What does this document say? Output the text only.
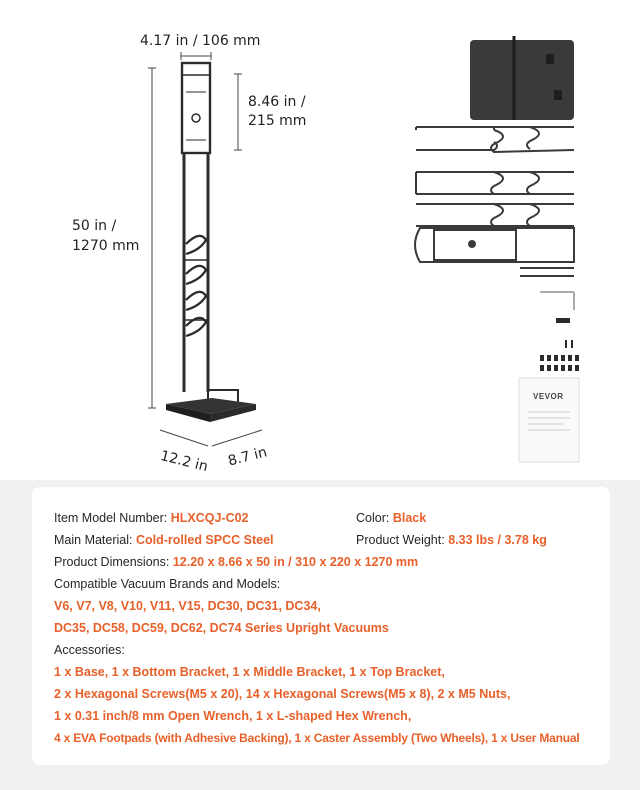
4.17 in / 106 mm
8.46 in /
215 mm
50 in /
1270 mm
12.2 in 8.7 in
VEVOR
Item Model Number: HLXCQJ-C02	Color: Black
Main Material: Cold-rolled SPCC Steel	Product Weight: 8.33 lbs / 3.78 kg
Product Dimensions: 12.20 x 8.66 x 50 in / 310 x 220 x 1270 mm
Compatible Vacuum Brands and Models:
V6, V7, V8, V10, V11, V15, DC30, DC31, DC34,
DC35, DC58, DC59, DC62, DC74 Series Upright Vacuums
Accessories:
1 x Base, 1 x Bottom Bracket, 1 x Middle Bracket, 1 x Top Bracket,
2 x Hexagonal Screws(M5 x 20), 14 x Hexagonal Screws(M5 x 8), 2 x M5 Nuts,
1 x 0.31 inch/8 mm Open Wrench, 1 x L-shaped Hex Wrench,
4 x EVA Footpads (with Adhesive Backing), 1 x Caster Assembly (Two Wheels), 1 x User Manual
